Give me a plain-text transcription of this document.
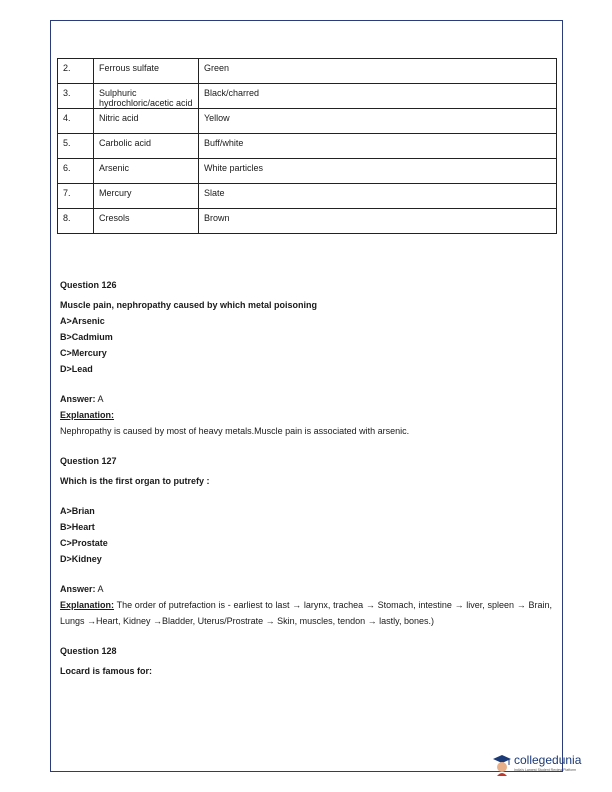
2.	Ferrous sulfate	Green
3.	Sulphuric hydrochloric/acetic acid	Black/charred
4.	Nitric acid	Yellow
5.	Carbolic acid	Buff/white
6.	Arsenic	White particles
7.	Mercury	Slate
8.	Cresols	Brown

Question 126

Muscle pain, nephropathy caused by which metal poisoning

A>Arsenic

B>Cadmium

C>Mercury

D>Lead

Answer: A

Explanation:

Nephropathy is caused by most of heavy metals.Muscle pain is associated with arsenic.

Question 127

Which is the first organ to putrefy :

A>Brian

B>Heart

C>Prostate

D>Kidney

Answer: A

Explanation: The order of putrefaction is - earliest to last → larynx, trachea → Stomach, intestine → liver, spleen → Brain, Lungs →Heart, Kidney →Bladder, Uterus/Prostrate → Skin, muscles, tendon → lastly, bones.)

Question 128

Locard is famous for:

collegedunia
India's Largest Student Review Platform
